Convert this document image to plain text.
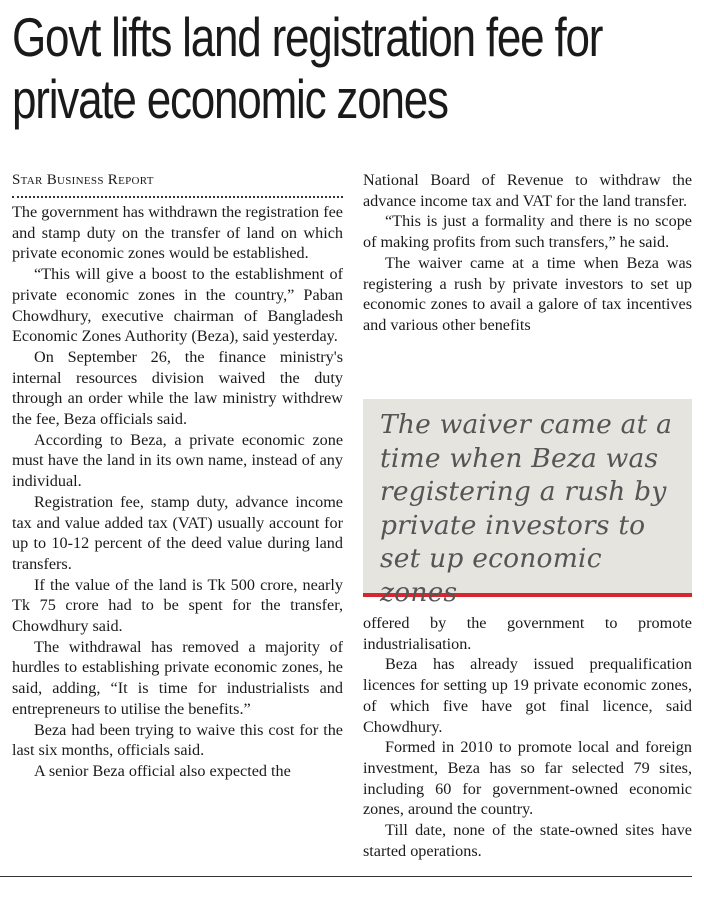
Govt lifts land registration fee for private economic zones
Star Business Report

The government has withdrawn the registration fee and stamp duty on the transfer of land on which private economic zones would be established.

“This will give a boost to the establishment of private economic zones in the country,” Paban Chowdhury, executive chairman of Bangladesh Economic Zones Authority (Beza), said yesterday.

On September 26, the finance ministry's internal resources division waived the duty through an order while the law ministry withdrew the fee, Beza officials said.

According to Beza, a private economic zone must have the land in its own name, instead of any individual.

Registration fee, stamp duty, advance income tax and value added tax (VAT) usually account for up to 10-12 percent of the deed value during land transfers.

If the value of the land is Tk 500 crore, nearly Tk 75 crore had to be spent for the transfer, Chowdhury said.

The withdrawal has removed a majority of hurdles to establishing private economic zones, he said, adding, “It is time for industrialists and entrepreneurs to utilise the benefits.”

Beza had been trying to waive this cost for the last six months, officials said.

A senior Beza official also expected the

National Board of Revenue to withdraw the advance income tax and VAT for the land transfer.

“This is just a formality and there is no scope of making profits from such transfers,” he said.

The waiver came at a time when Beza was registering a rush by private investors to set up economic zones to avail a galore of tax incentives and various other benefits

The waiver came at a time when Beza was registering a rush by private investors to set up economic zones

offered by the government to promote industrialisation.

Beza has already issued prequalification licences for setting up 19 private economic zones, of which five have got final licence, said Chowdhury.

Formed in 2010 to promote local and foreign investment, Beza has so far selected 79 sites, including 60 for government-owned economic zones, around the country.

Till date, none of the state-owned sites have started operations.
